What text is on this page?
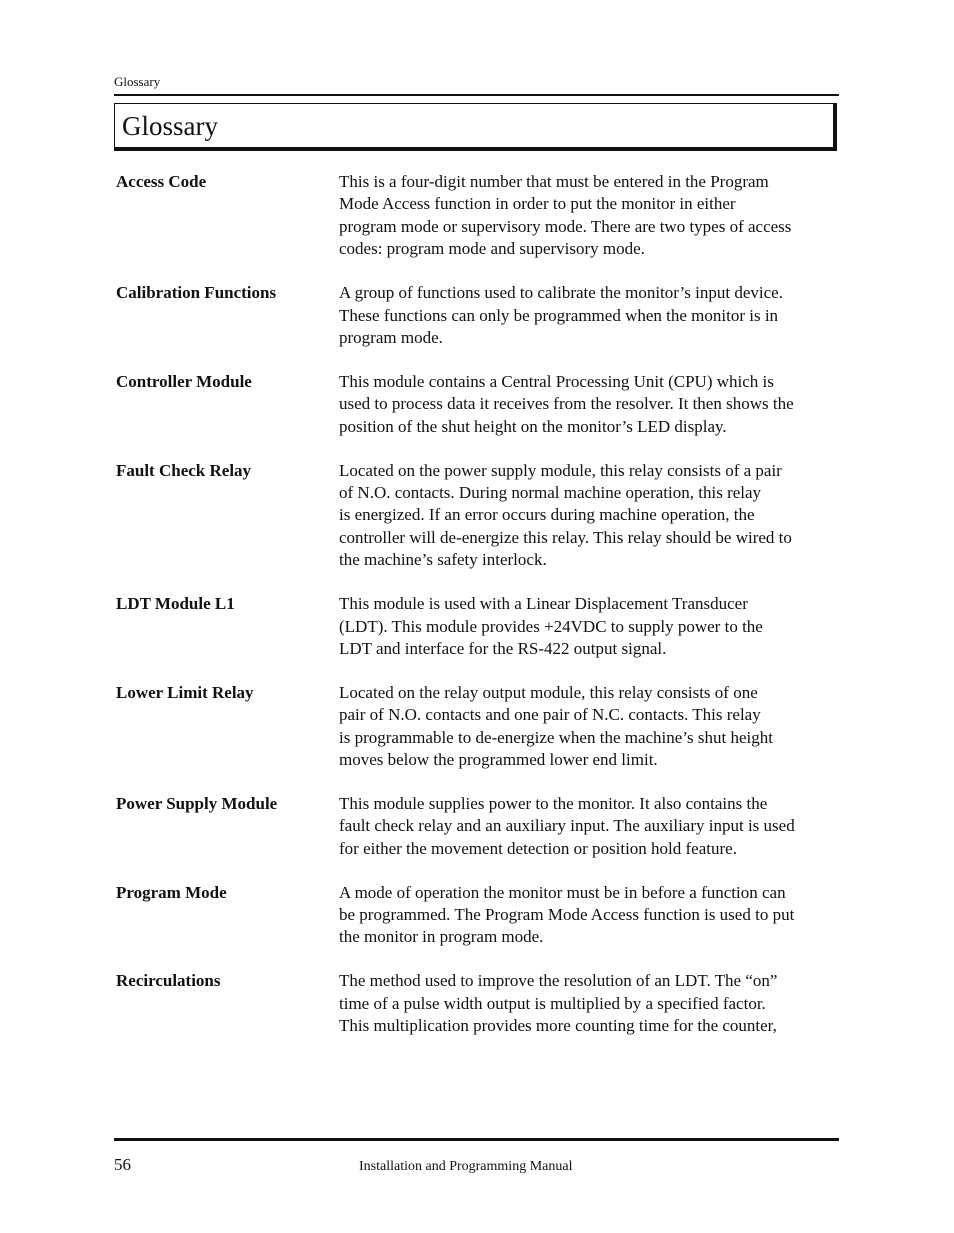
Glossary
Glossary
Access Code	This is a four-digit number that must be entered in the Program
Mode Access function in order to put the monitor in either
program mode or supervisory mode. There are two types of access
codes: program mode and supervisory mode.
Calibration Functions	A group of functions used to calibrate the monitor’s input device.
These functions can only be programmed when the monitor is in
program mode.
Controller Module	This module contains a Central Processing Unit (CPU) which is
used to process data it receives from the resolver. It then shows the
position of the shut height on the monitor’s LED display.
Fault Check Relay	Located on the power supply module, this relay consists of a pair
of N.O. contacts. During normal machine operation, this relay
is energized. If an error occurs during machine operation, the
controller will de-energize this relay. This relay should be wired to
the machine’s safety interlock.
LDT Module L1	This module is used with a Linear Displacement Transducer
(LDT). This module provides +24VDC to supply power to the
LDT and interface for the RS-422 output signal.
Lower Limit Relay	Located on the relay output module, this relay consists of one
pair of N.O. contacts and one pair of N.C. contacts. This relay
is programmable to de-energize when the machine’s shut height
moves below the programmed lower end limit.
Power Supply Module	This module supplies power to the monitor. It also contains the
fault check relay and an auxiliary input. The auxiliary input is used
for either the movement detection or position hold feature.
Program Mode	A mode of operation the monitor must be in before a function can
be programmed. The Program Mode Access function is used to put
the monitor in program mode.
Recirculations	The method used to improve the resolution of an LDT. The “on”
time of a pulse width output is multiplied by a specified factor.
This multiplication provides more counting time for the counter,
56	Installation and Programming Manual
